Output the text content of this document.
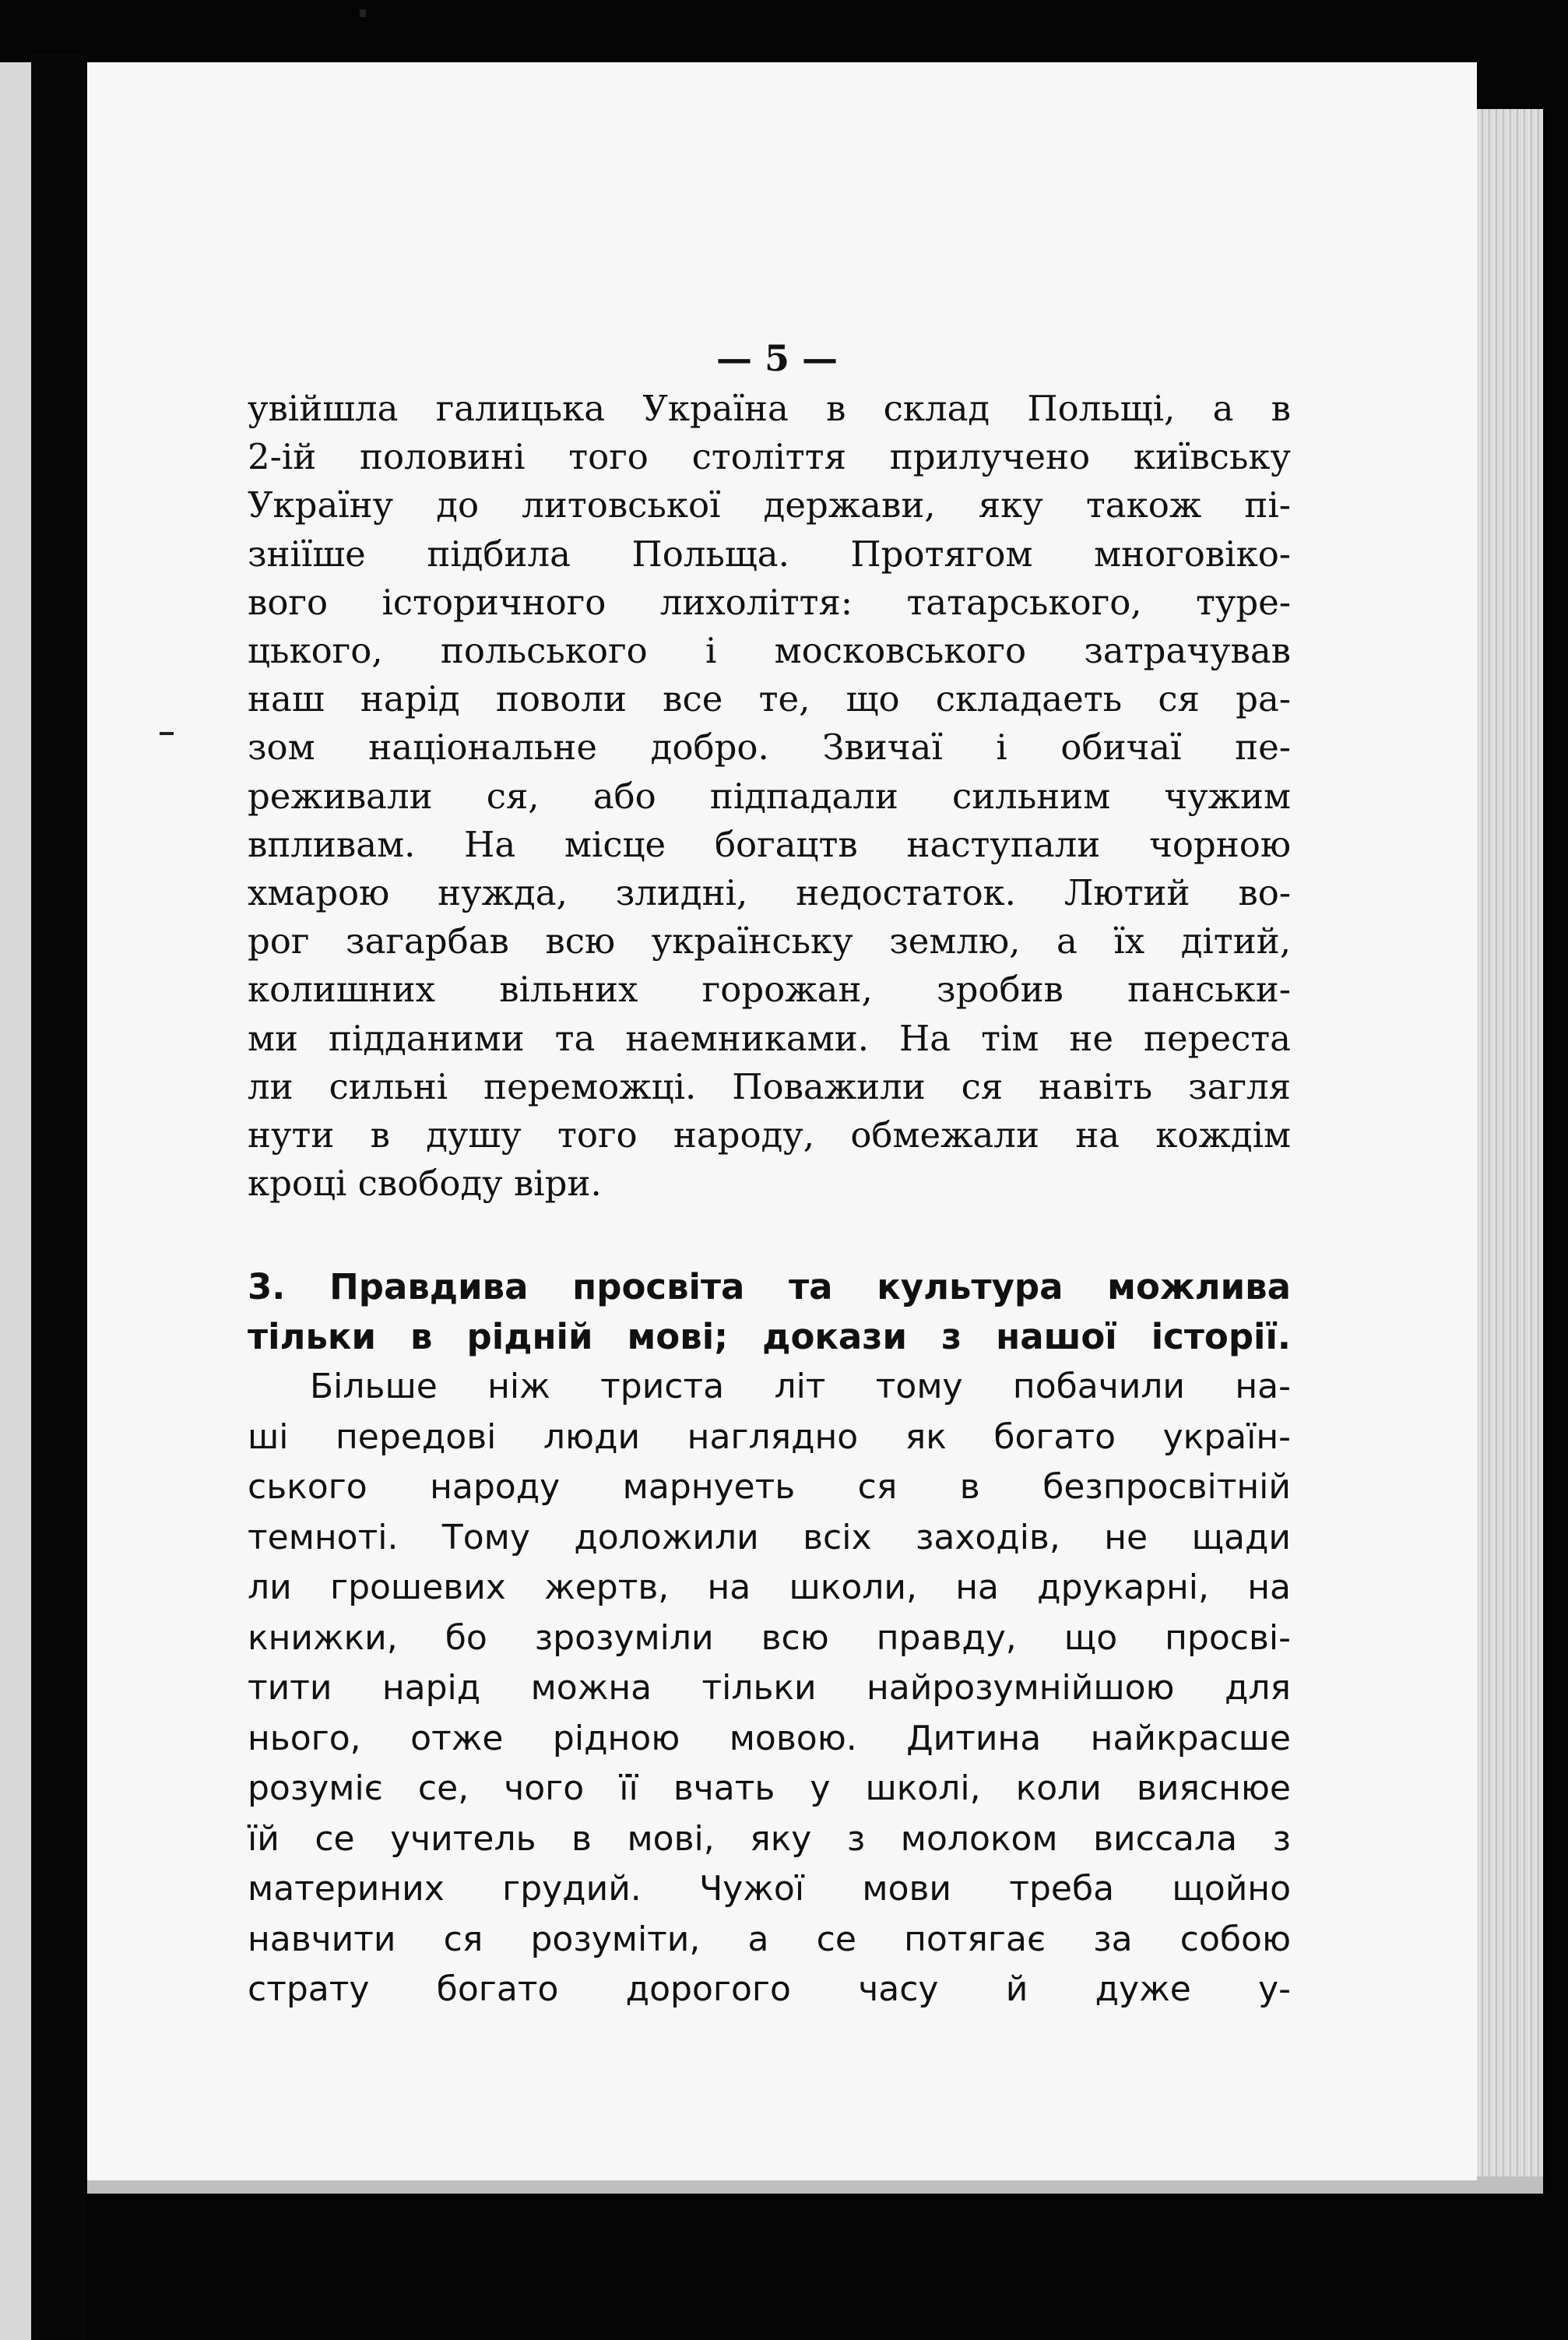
— 5 —
увійшла галицька Україна в склад Польщі, а в
2-ій половині того століття прилучено київську
Україну до литовської держави, яку також пі-
зніїше підбила Польща. Протягом многовіко-
вого історичного лихоліття: татарського, туре-
цького, польського і московського затрачував
наш нарід поволи все те, що складаеть ся ра-
зом національне добро. Звичаї і обичаї пе-
реживали ся, або підпадали сильним чужим
впливам. На місце богацтв наступали чорною
хмарою нужда, злидні, недостаток. Лютий во-
рог загарбав всю українську землю, а їх дітий,
колишних вільних горожан, зробив панськи-
ми підданими та наемниками. На тім не переста
ли сильні переможці. Поважили ся навіть загля
нути в душу того народу, обмежали на кождім
кроці свободу віри.
3. Правдива просвіта та культура можлива
тільки в рідній мові; докази з нашої історії.
Більше ніж триста літ тому побачили на-
ші передові люди наглядно як богато україн-
ського народу марнуеть ся в безпросвітній
темноті. Тому доложили всіх заходів, не щади
ли грошевих жертв, на школи, на друкарні, на
книжки, бо зрозуміли всю правду, що просві-
тити нарід можна тільки найрозумнійшою для
нього, отже рідною мовою. Дитина найкрасше
розуміє се, чого її вчать у школі, коли вияснюе
їй се учитель в мові, яку з молоком виссала з
материних грудий. Чужої мови треба щойно
навчити ся розуміти, а се потягає за собою
страту богато дорогого часу й дуже у-
